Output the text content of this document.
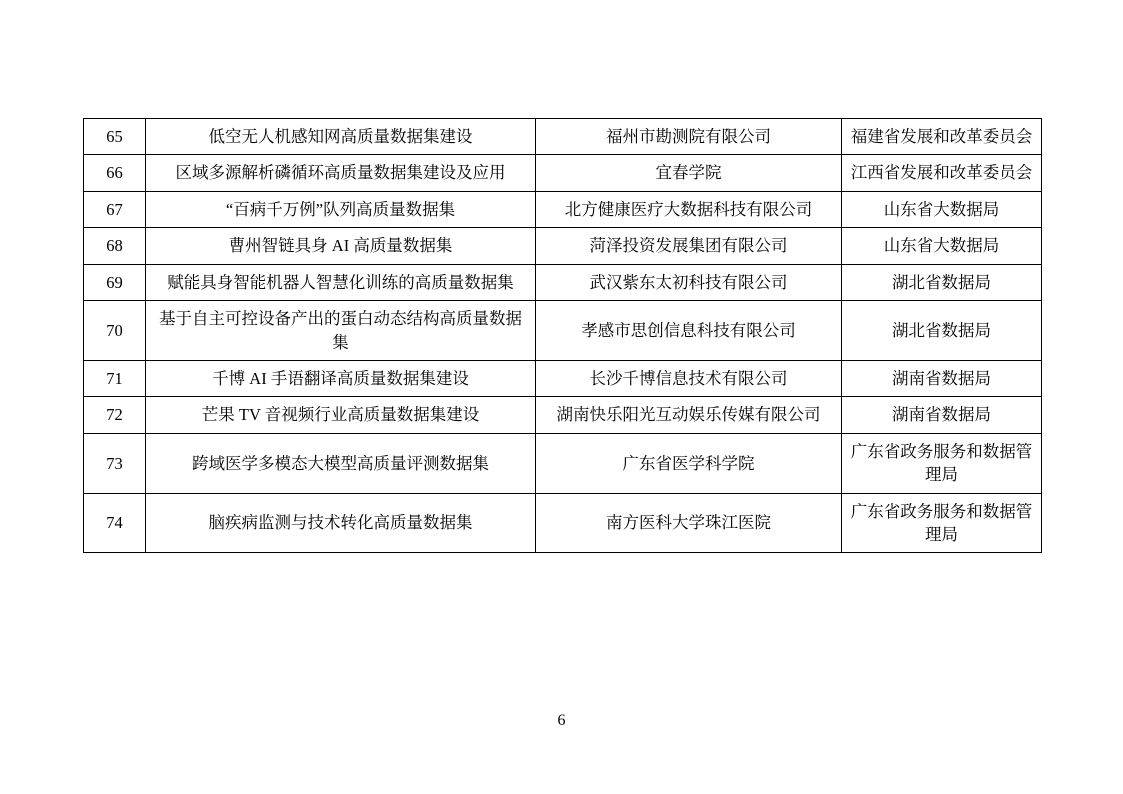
65	低空无人机感知网高质量数据集建设	福州市勘测院有限公司	福建省发展和改革委员会
66	区域多源解析磷循环高质量数据集建设及应用	宜春学院	江西省发展和改革委员会
67	“百病千万例”队列高质量数据集	北方健康医疗大数据科技有限公司	山东省大数据局
68	曹州智链具身 AI 高质量数据集	菏泽投资发展集团有限公司	山东省大数据局
69	赋能具身智能机器人智慧化训练的高质量数据集	武汉紫东太初科技有限公司	湖北省数据局
70	基于自主可控设备产出的蛋白动态结构高质量数据集	孝感市思创信息科技有限公司	湖北省数据局
71	千博 AI 手语翻译高质量数据集建设	长沙千博信息技术有限公司	湖南省数据局
72	芒果 TV 音视频行业高质量数据集建设	湖南快乐阳光互动娱乐传媒有限公司	湖南省数据局
73	跨域医学多模态大模型高质量评测数据集	广东省医学科学院	广东省政务服务和数据管理局
74	脑疾病监测与技术转化高质量数据集	南方医科大学珠江医院	广东省政务服务和数据管理局
6
